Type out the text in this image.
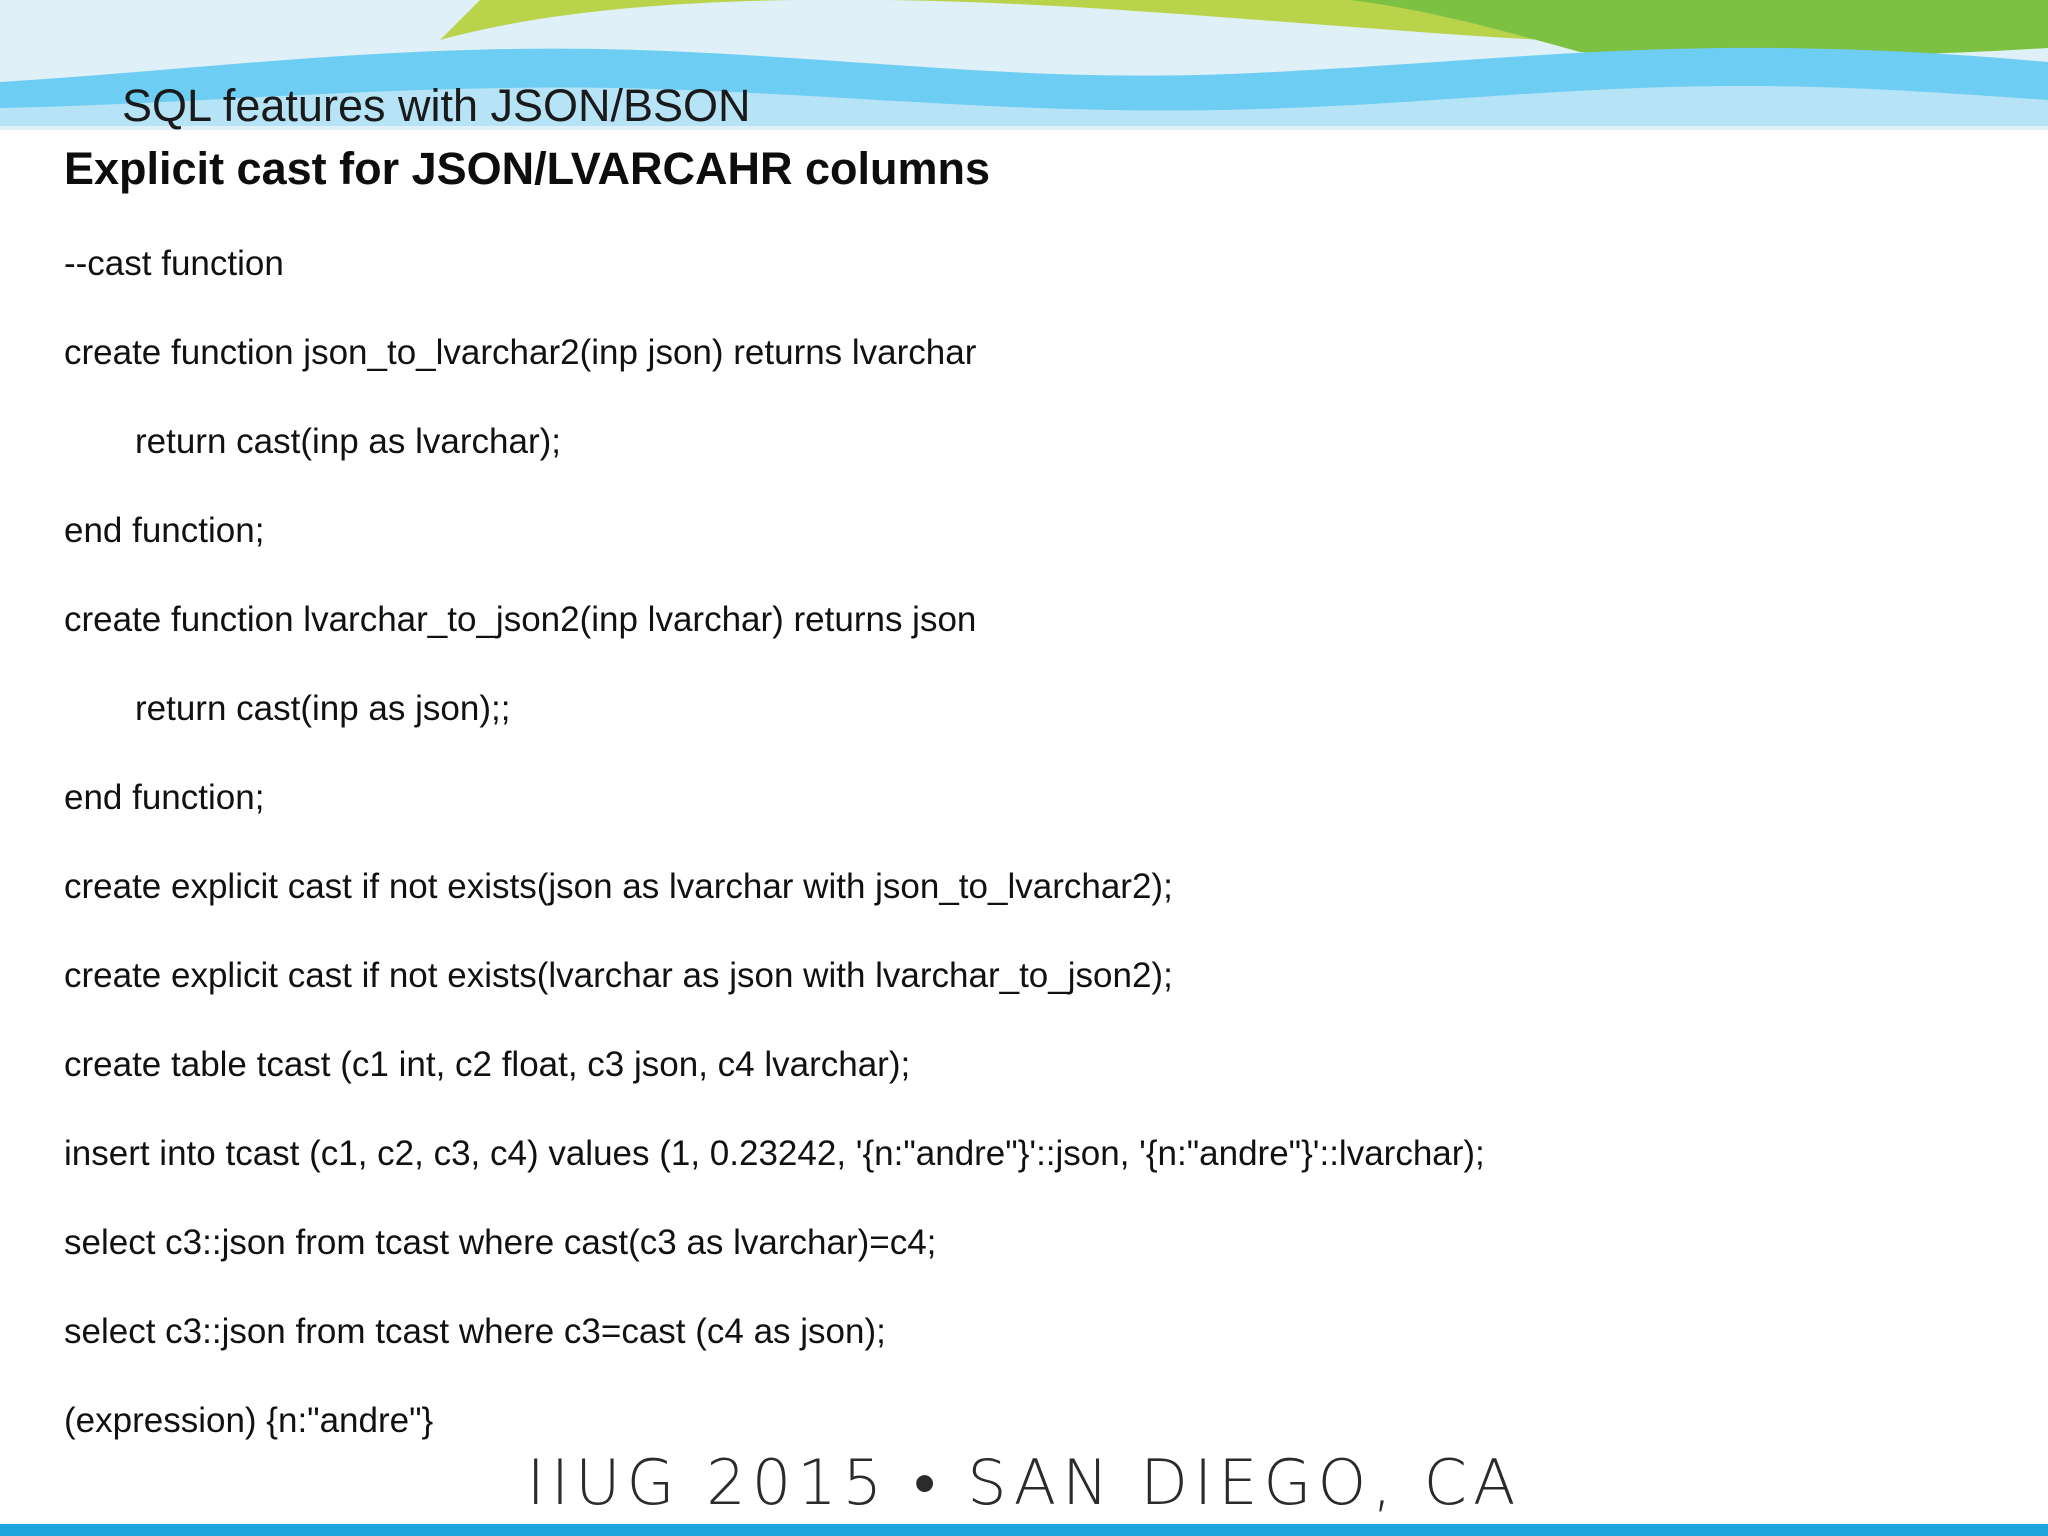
SQL features with JSON/BSON
Explicit cast for JSON/LVARCAHR columns
--cast function
create function json_to_lvarchar2(inp json) returns lvarchar
return cast(inp as lvarchar);
end function;
create function lvarchar_to_json2(inp lvarchar) returns json
return cast(inp as json);;
end function;
create explicit cast if not exists(json as lvarchar with json_to_lvarchar2);
create explicit cast if not exists(lvarchar as json with lvarchar_to_json2);
create table tcast (c1 int, c2 float, c3 json, c4 lvarchar);
insert into tcast (c1, c2, c3, c4) values (1, 0.23242, '{n:"andre"}'::json, '{n:"andre"}'::lvarchar);
select c3::json from tcast where cast(c3 as lvarchar)=c4;
select c3::json from tcast where c3=cast (c4 as json);
(expression) {n:"andre"}
IIUG 2015 • SAN DIEGO, CA
